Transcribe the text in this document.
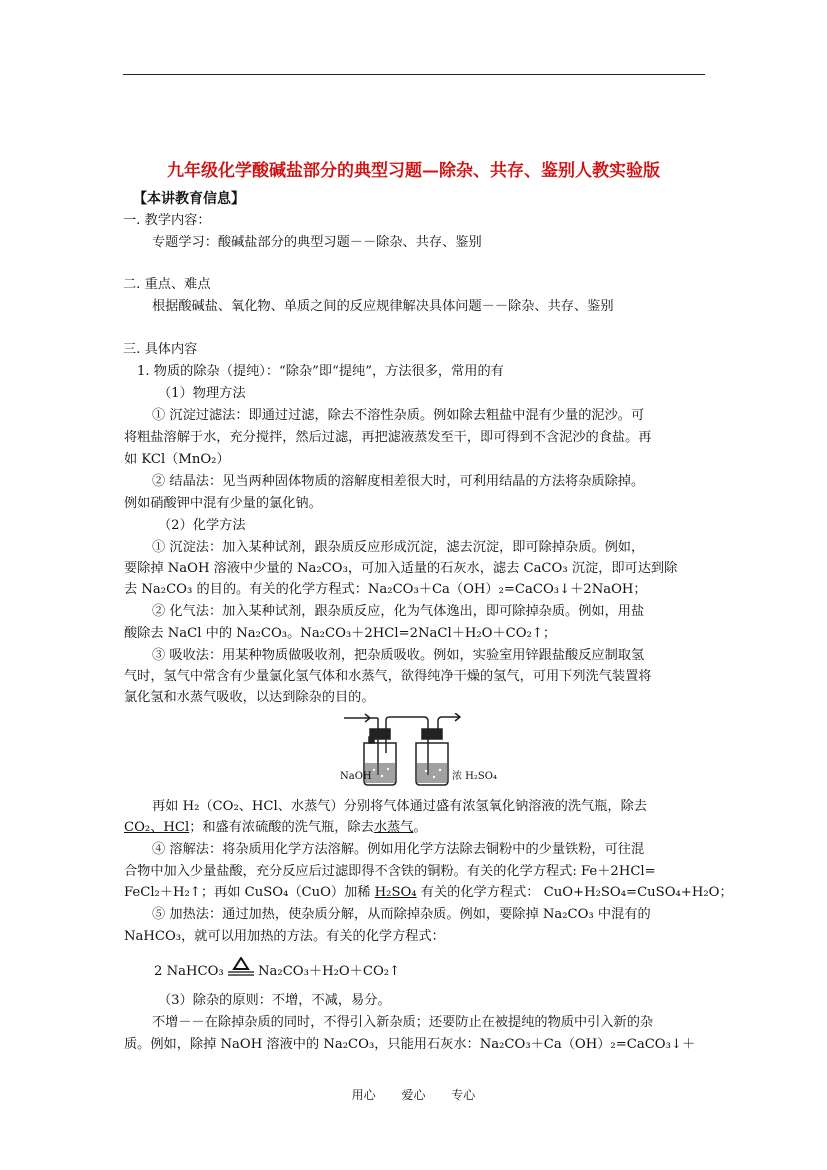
九年级化学酸碱盐部分的典型习题—除杂、共存、鉴别人教实验版
【本讲教育信息】
一. 教学内容：
专题学习：酸碱盐部分的典型习题－－除杂、共存、鉴别
二. 重点、难点
根据酸碱盐、氧化物、单质之间的反应规律解决具体问题－－除杂、共存、鉴别
三. 具体内容
1. 物质的除杂（提纯）：“除杂”即“提纯”，方法很多，常用的有
（1）物理方法
① 沉淀过滤法：即通过过滤，除去不溶性杂质。例如除去粗盐中混有少量的泥沙。可
将粗盐溶解于水，充分搅拌，然后过滤，再把滤液蒸发至干，即可得到不含泥沙的食盐。再
如 KCl（MnO₂）
② 结晶法：见当两种固体物质的溶解度相差很大时，可利用结晶的方法将杂质除掉。
例如硝酸钾中混有少量的氯化钠。
（2）化学方法
① 沉淀法：加入某种试剂，跟杂质反应形成沉淀，滤去沉淀，即可除掉杂质。例如，
要除掉 NaOH 溶液中少量的 Na₂CO₃，可加入适量的石灰水，滤去 CaCO₃ 沉淀，即可达到除
去 Na₂CO₃ 的目的。有关的化学方程式：Na₂CO₃＋Ca（OH）₂=CaCO₃↓＋2NaOH；
② 化气法：加入某种试剂，跟杂质反应，化为气体逸出，即可除掉杂质。例如，用盐
酸除去 NaCl 中的 Na₂CO₃。Na₂CO₃＋2HCl=2NaCl＋H₂O＋CO₂↑；
③ 吸收法：用某种物质做吸收剂，把杂质吸收。例如，实验室用锌跟盐酸反应制取氢
气时，氢气中常含有少量氯化氢气体和水蒸气，欲得纯净干燥的氢气，可用下列洗气装置将
氯化氢和水蒸气吸收，以达到除杂的目的。
NaOH	浓 H₂SO₄
再如 H₂（CO₂、HCl、水蒸气）分别将气体通过盛有浓氢氧化钠溶液的洗气瓶，除去
CO₂、HCl；和盛有浓硫酸的洗气瓶，除去水蒸气。
④ 溶解法：将杂质用化学方法溶解。例如用化学方法除去铜粉中的少量铁粉，可往混
合物中加入少量盐酸，充分反应后过滤即得不含铁的铜粉。有关的化学方程式: Fe＋2HCl=
FeCl₂＋H₂↑；再如 CuSO₄（CuO）加稀 H₂SO₄ 有关的化学方程式： CuO+H₂SO₄=CuSO₄+H₂O；
⑤ 加热法：通过加热，使杂质分解，从而除掉杂质。例如，要除掉 Na₂CO₃ 中混有的
NaHCO₃，就可以用加热的方法。有关的化学方程式：
2 NaHCO₃	Na₂CO₃＋H₂O＋CO₂↑
（3）除杂的原则：不增，不减，易分。
不增－－在除掉杂质的同时，不得引入新杂质；还要防止在被提纯的物质中引入新的杂
质。例如，除掉 NaOH 溶液中的 Na₂CO₃，只能用石灰水：Na₂CO₃＋Ca（OH）₂=CaCO₃↓＋
用心 爱心 专心
